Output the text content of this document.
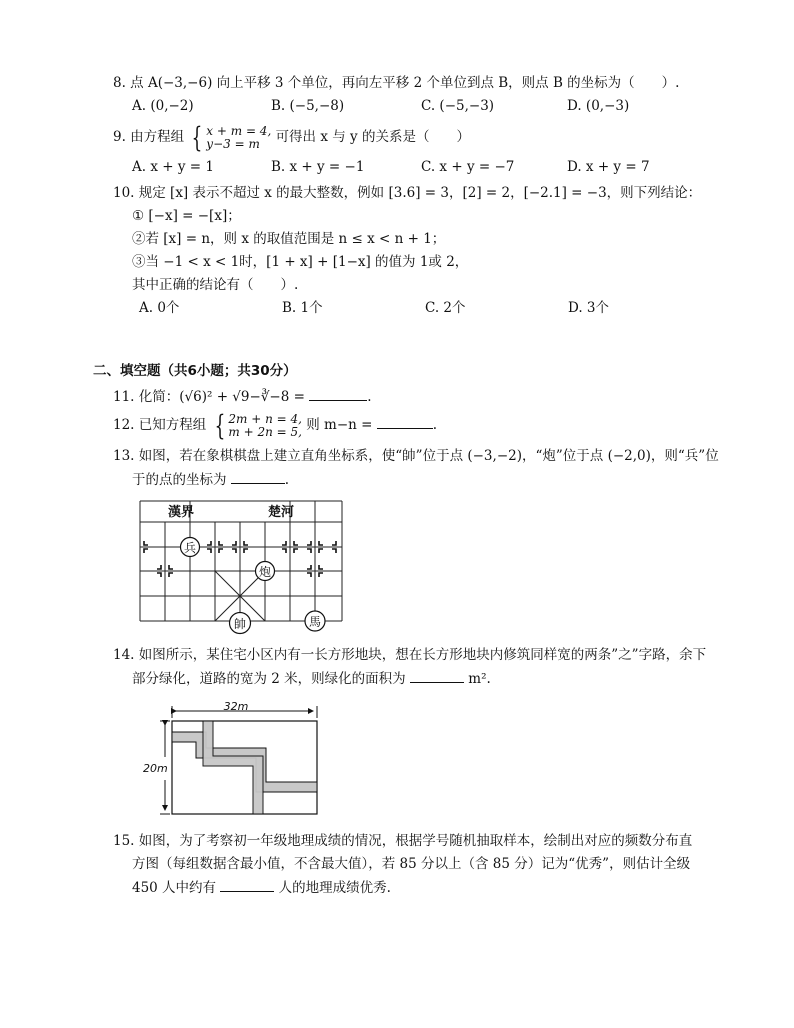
8. 点 A(−3,−6) 向上平移 3 个单位，再向左平移 2 个单位到点 B，则点 B 的坐标为（　　）.
A. (0,−2)	B. (−5,−8)	C. (−5,−3)	D. (0,−3)
9. 由方程组 { x + m = 4,
y−3 = m 可得出 x 与 y 的关系是（　　）
A. x + y = 1	B. x + y = −1	C. x + y = −7	D. x + y = 7
10. 规定 [x] 表示不超过 x 的最大整数，例如 [3.6] = 3，[2] = 2，[−2.1] = −3，则下列结论：
① [−x] = −[x]；
②若 [x] = n，则 x 的取值范围是 n ≤ x < n + 1；
③当 −1 < x < 1时，[1 + x] + [1−x] 的值为 1或 2，
其中正确的结论有（　　）.
A. 0个	B. 1个	C. 2个	D. 3个
二、填空题（共6小题；共30分）
11. 化简：(√6)² + √9−∛−8 =	.
12. 已知方程组 { 2m + n = 4,
m + 2n = 5, 则 m−n =	.
13. 如图，若在象棋棋盘上建立直角坐标系，使“帥”位于点 (−3,−2)，“炮”位于点 (−2,0)，则“兵”位
于的点的坐标为	.
漢界	楚河
兵
炮
帥	馬
14. 如图所示，某住宅小区内有一长方形地块，想在长方形地块内修筑同样宽的两条”之”字路，余下
部分绿化，道路的宽为 2 米，则绿化的面积为	m².
32m
20m
15. 如图，为了考察初一年级地理成绩的情况，根据学号随机抽取样本，绘制出对应的频数分布直
方图（每组数据含最小值，不含最大值），若 85 分以上（含 85 分）记为“优秀”，则估计全级
450 人中约有	人的地理成绩优秀.
